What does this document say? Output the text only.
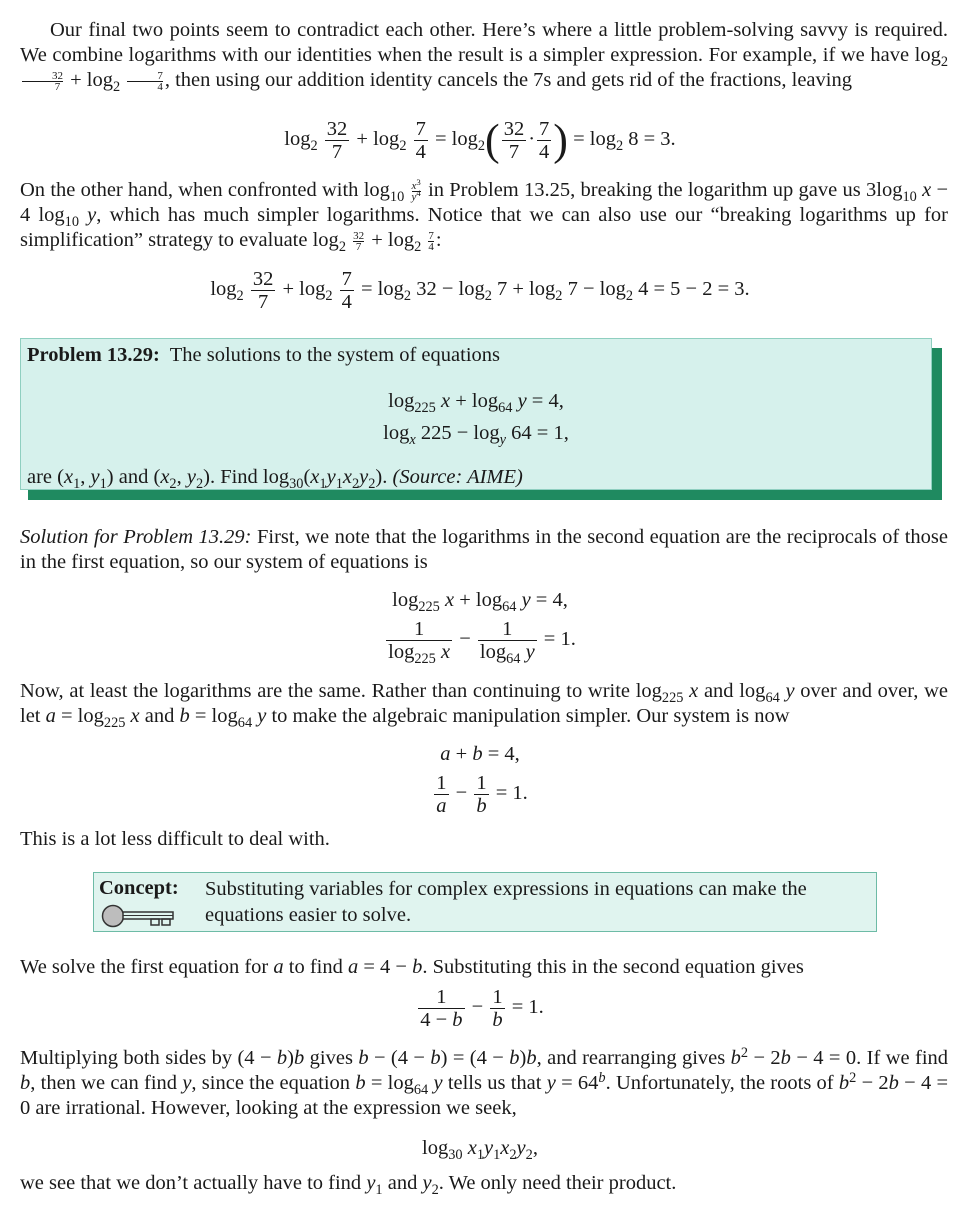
Our final two points seem to contradict each other. Here’s where a little problem-solving savvy is required. We combine logarithms with our identities when the result is a simpler expression. For example, if we have $\log_2$
$\frac{32}{7} + \log_2 \frac{7}{4}$ , then using our addition identity cancels the 7s and gets rid of the fractions, leaving

$\log_2 \frac{32}{7} + \log_2 \frac{7}{4} = \log_2( \frac{32}{7} \cdot \frac{7}{4}$ ) = $\log_2 8 = 3$.

On the other hand, when confronted with $\log_{10} \frac{x^3}{y^4}$ in Problem 13.25, breaking the logarithm up gave us $3\log_{10}$ x − 4 $\log_{10} y$, which has much simpler logarithms. Notice that we can also use our “breaking logarithms up for simplification” strategy to evaluate $\log_2 \frac{32}{7} + \log_2 \frac{7}{4}$ :

$\log_2 \frac{32}{7} + \log_2 \frac{7}{4} = \log_2 32 - \log_2 7 + \log_2 7 - \log_2 4 = 5 - 2 = 3$.
Problem 13.29: The solutions to the system of equations
$\log_{225} x + \log_{64} y = 4$,
$\log_x 225 - \log_y 64 = 1$,
are ($x_1$, $y_1$) and ($x_2$, $y_2$). Find $\log_{30}(x_1y_1x_2y_2)$. (Source: AIME)

Solution for Problem 13.29: First, we note that the logarithms in the second equation are the reciprocals of those in the first equation, so our system of equations is

$\log_{225} x + \log_{64} y = 4$,
$\frac{1}{\log_{225} x} - \frac{1}{\log_{64} y} = 1$.

Now, at least the logarithms are the same. Rather than continuing to write $\log_{225} x$ and $\log_{64} y$ over and over, we let $a = \log_{225} x$ and $b = \log_{64} y$ to make the algebraic manipulation simpler. Our system is now

a + b = 4,
$\frac{1}{a} - \frac{1}{b} = 1$.

This is a lot less difficult to deal with.

Concept: Substituting variables for complex expressions in equations can make the equations easier to solve.

We solve the first equation for a to find a = 4 − b. Substituting this in the second equation gives

$\frac{1}{4 - b} - \frac{1}{b} = 1$.

Multiplying both sides by (4 − b)b gives b − (4 − b) = (4 − b)b, and rearranging gives $b^2 - 2b - 4 = 0$. If we find b, then we can find y, since the equation $b = \log_{64} y$ tells us that $y = 64^b$. Unfortunately, the roots of $b^2 - 2b - 4 = 0$ are irrational. However, looking at the expression we seek,

$\log_{30} x_1y_1x_2y_2$,

we see that we don’t actually have to find $y_1$ and $y_2$. We only need their product.
